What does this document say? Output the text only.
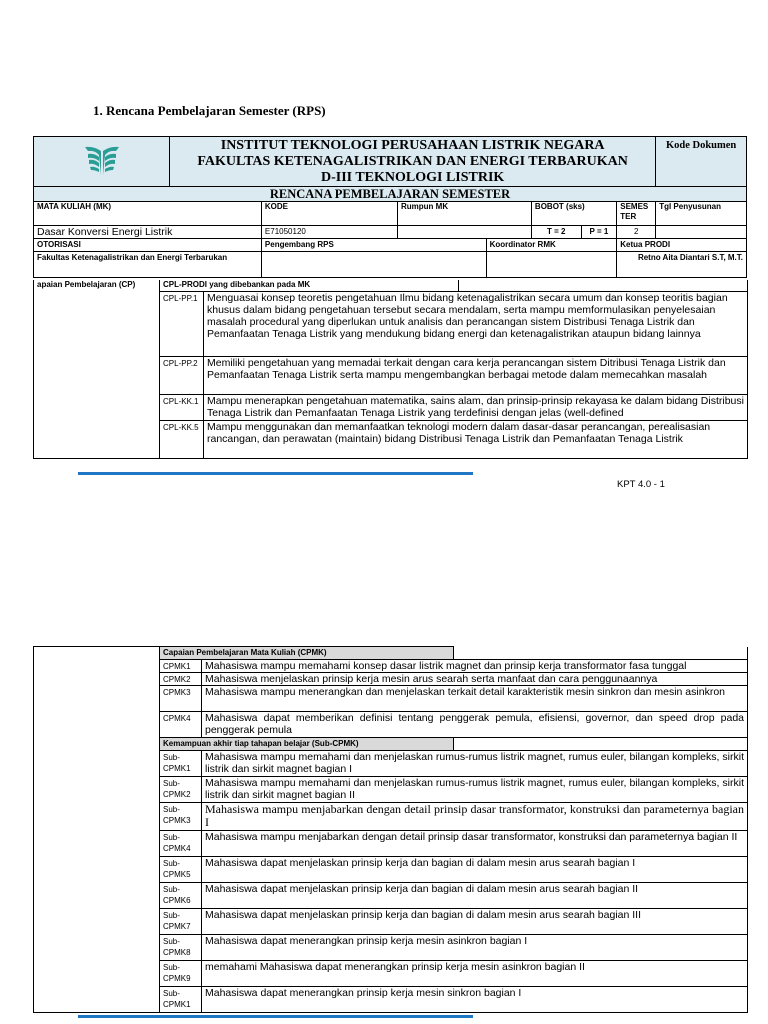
1. Rencana Pembelajaran Semester (RPS)

INSTITUT TEKNOLOGI PERUSAHAAN LISTRIK NEGARA
FAKULTAS KETENAGALISTRIKAN DAN ENERGI TERBARUKAN
D-III TEKNOLOGI LISTRIK							Kode Dokumen
RENCANA PEMBELAJARAN SEMESTER								
MATA KULIAH (MK)		KODE	Rumpun MK		BOBOT (sks)		SEMES TER	Tgl Penyusunan
Dasar Konversi Energi Listrik		E71050120			T = 2	P = 1	2	
OTORISASI		Pengembang RPS		Koordinator RMK			Ketua PRODI	
Fakultas Ketenagalistrikan dan Energi Terbarukan							Retno Aita Diantari S.T, M.T.	
apaian Pembelajaran (CP)	CPL-PRODI yang dibebankan pada MK		
	CPL-PP.1	Menguasai konsep teoretis pengetahuan Ilmu bidang ketenagalistrikan secara umum dan konsep teoritis bagian khusus dalam bidang pengetahuan tersebut secara mendalam, serta mampu memformulasikan penyelesaian masalah procedural yang diperlukan untuk analisis dan perancangan sistem Distribusi Tenaga Listrik dan Pemanfaatan Tenaga Listrik yang mendukung bidang energi dan ketenagalistrikan ataupun bidang lainnya	
	CPL-PP.2	Memiliki pengetahuan yang memadai terkait dengan cara kerja perancangan sistem Ditribusi Tenaga Listrik dan Pemanfaatan Tenaga Listrik serta mampu mengembangkan berbagai metode dalam memecahkan masalah	
	CPL-KK.1	Mampu menerapkan pengetahuan matematika, sains alam, dan prinsip-prinsip rekayasa ke dalam bidang Distribusi Tenaga Listrik dan Pemanfaatan Tenaga Listrik yang terdefinisi dengan jelas (well-defined	

	CPL-KK.5	Mampu menggunakan dan memanfaatkan teknologi modern dalam dasar-dasar perancangan, perealisasian rancangan, dan perawatan (maintain) bidang Distribusi Tenaga Listrik dan Pemanfaatan Tenaga Listrik	
KPT 4.0 - 1
	Capaian Pembelajaran Mata Kuliah (CPMK)		
	CPMK1	Mahasiswa mampu memahami konsep dasar listrik magnet dan prinsip kerja transformator fasa tunggal	
	CPMK2	Mahasiswa menjelaskan prinsip kerja mesin arus searah serta manfaat dan cara penggunaannya	
	CPMK3	Mahasiswa mampu menerangkan dan menjelaskan terkait detail karakteristik mesin sinkron dan mesin asinkron	
	CPMK4	Mahasiswa dapat memberikan definisi tentang penggerak pemula, efisiensi, governor, dan speed drop pada penggerak pemula	
	Kemampuan akhir tiap tahapan belajar (Sub-CPMK)		
	Sub-CPMK1	Mahasiswa mampu memahami dan menjelaskan rumus-rumus listrik magnet, rumus euler, bilangan kompleks, sirkit listrik dan sirkit magnet bagian I	
	Sub-CPMK2	Mahasiswa mampu memahami dan menjelaskan rumus-rumus listrik magnet, rumus euler, bilangan kompleks, sirkit listrik dan sirkit magnet bagian II	
	Sub-CPMK3	Mahasiswa mampu menjabarkan dengan detail prinsip dasar transformator, konstruksi dan parameternya bagian I	
	Sub-CPMK4	Mahasiswa mampu menjabarkan dengan detail prinsip dasar transformator, konstruksi dan parameternya bagian II	
	Sub-CPMK5	Mahasiswa dapat menjelaskan prinsip kerja dan bagian di dalam mesin arus searah bagian I	
	Sub-CPMK6	Mahasiswa dapat menjelaskan prinsip kerja dan bagian di dalam mesin arus searah bagian II	
	Sub-CPMK7	Mahasiswa dapat menjelaskan prinsip kerja dan bagian di dalam mesin arus searah bagian III	
	Sub-CPMK8	Mahasiswa dapat menerangkan prinsip kerja mesin asinkron bagian I	
	Sub-CPMK9	memahami Mahasiswa dapat menerangkan prinsip kerja mesin asinkron bagian II	
	Sub-CPMK1	Mahasiswa dapat menerangkan prinsip kerja mesin sinkron bagian I	
